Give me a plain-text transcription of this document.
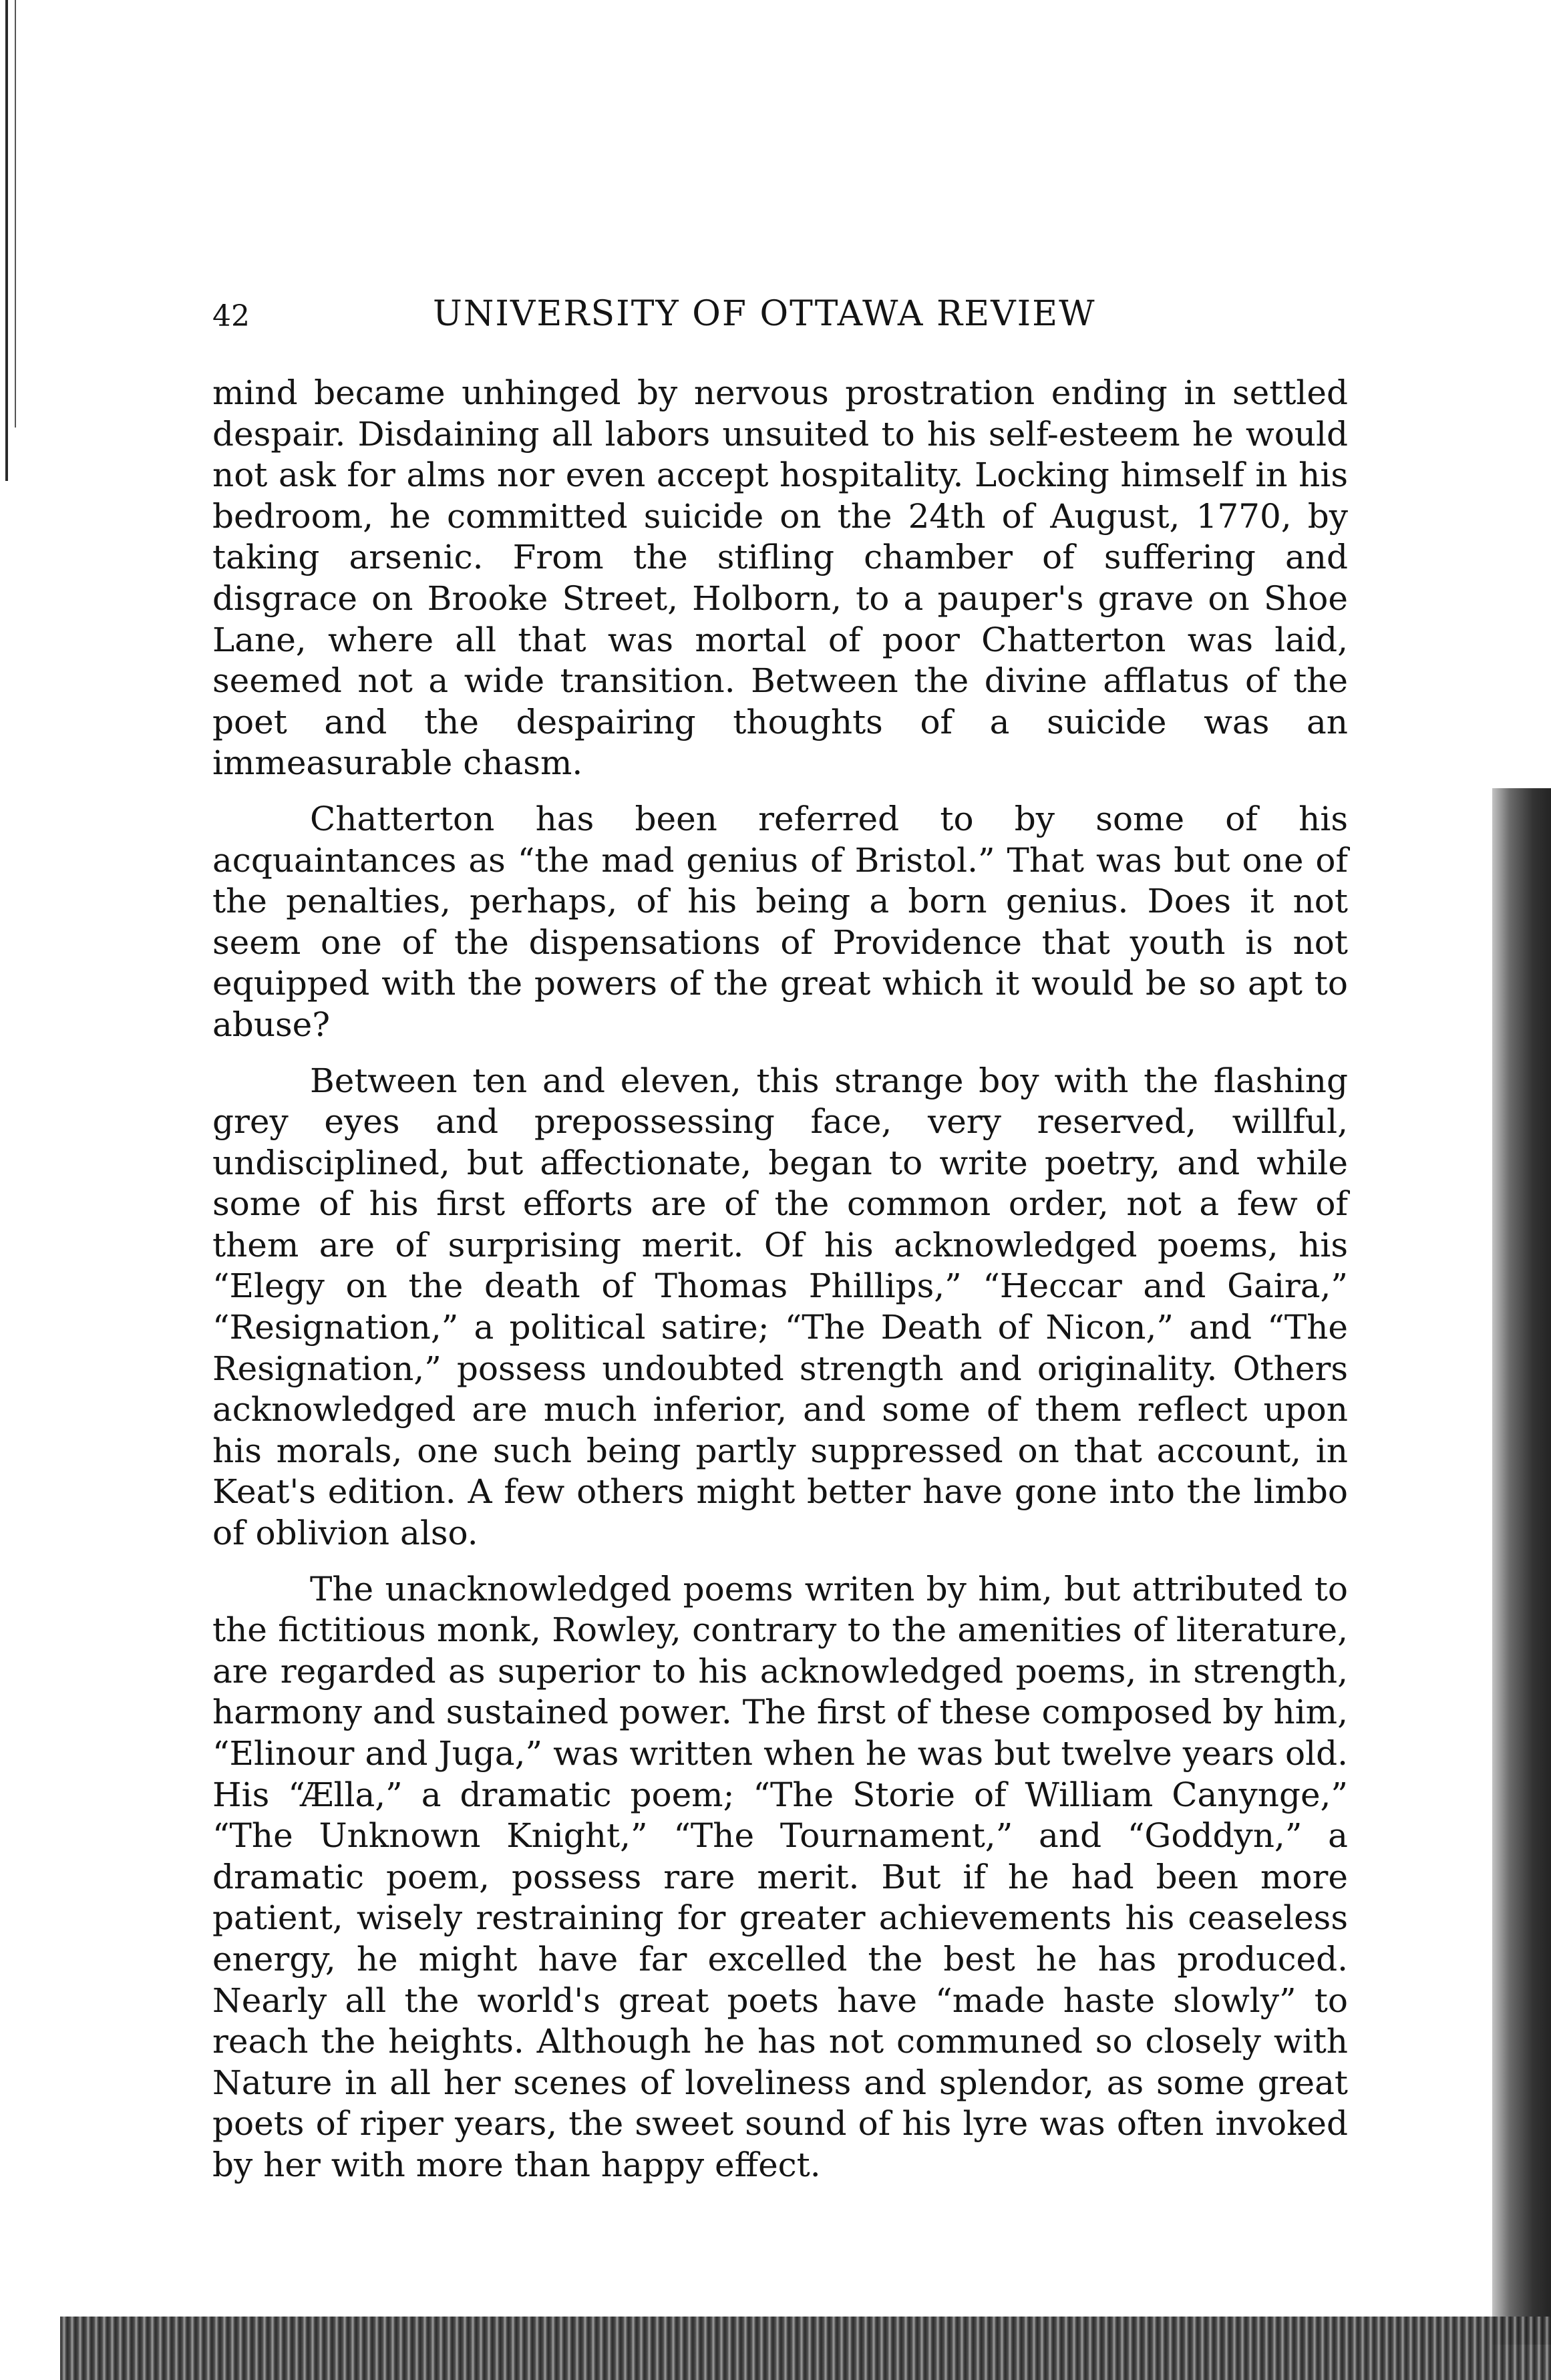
42	UNIVERSITY OF OTTAWA REVIEW

mind became unhinged by nervous prostration ending in settled despair. Disdaining all labors unsuited to his self-esteem he would not ask for alms nor even accept hospitality. Locking himself in his bedroom, he committed suicide on the 24th of August, 1770, by taking arsenic. From the stifling chamber of suffering and disgrace on Brooke Street, Holborn, to a pauper's grave on Shoe Lane, where all that was mortal of poor Chatterton was laid, seemed not a wide transition. Between the divine afflatus of the poet and the despairing thoughts of a suicide was an immeasurable chasm.

Chatterton has been referred to by some of his acquaintances as “the mad genius of Bristol.” That was but one of the penalties, perhaps, of his being a born genius. Does it not seem one of the dispensations of Providence that youth is not equipped with the powers of the great which it would be so apt to abuse?

Between ten and eleven, this strange boy with the flashing grey eyes and prepossessing face, very reserved, willful, undisciplined, but affectionate, began to write poetry, and while some of his first efforts are of the common order, not a few of them are of surprising merit. Of his acknowledged poems, his “Elegy on the death of Thomas Phillips,” “Heccar and Gaira,” “Resignation,” a political satire; “The Death of Nicon,” and “The Resignation,” possess undoubted strength and originality. Others acknowledged are much inferior, and some of them reflect upon his morals, one such being partly suppressed on that account, in Keat's edition. A few others might better have gone into the limbo of oblivion also.

The unacknowledged poems writen by him, but attributed to the fictitious monk, Rowley, contrary to the amenities of literature, are regarded as superior to his acknowledged poems, in strength, harmony and sustained power. The first of these composed by him, “Elinour and Juga,” was written when he was but twelve years old. His “Ælla,” a dramatic poem; “The Storie of William Canynge,” “The Unknown Knight,” “The Tournament,” and “Goddyn,” a dramatic poem, possess rare merit. But if he had been more patient, wisely restraining for greater achievements his ceaseless energy, he might have far excelled the best he has produced. Nearly all the world's great poets have “made haste slowly” to reach the heights. Although he has not communed so closely with Nature in all her scenes of loveliness and splendor, as some great poets of riper years, the sweet sound of his lyre was often invoked by her with more than happy effect.
